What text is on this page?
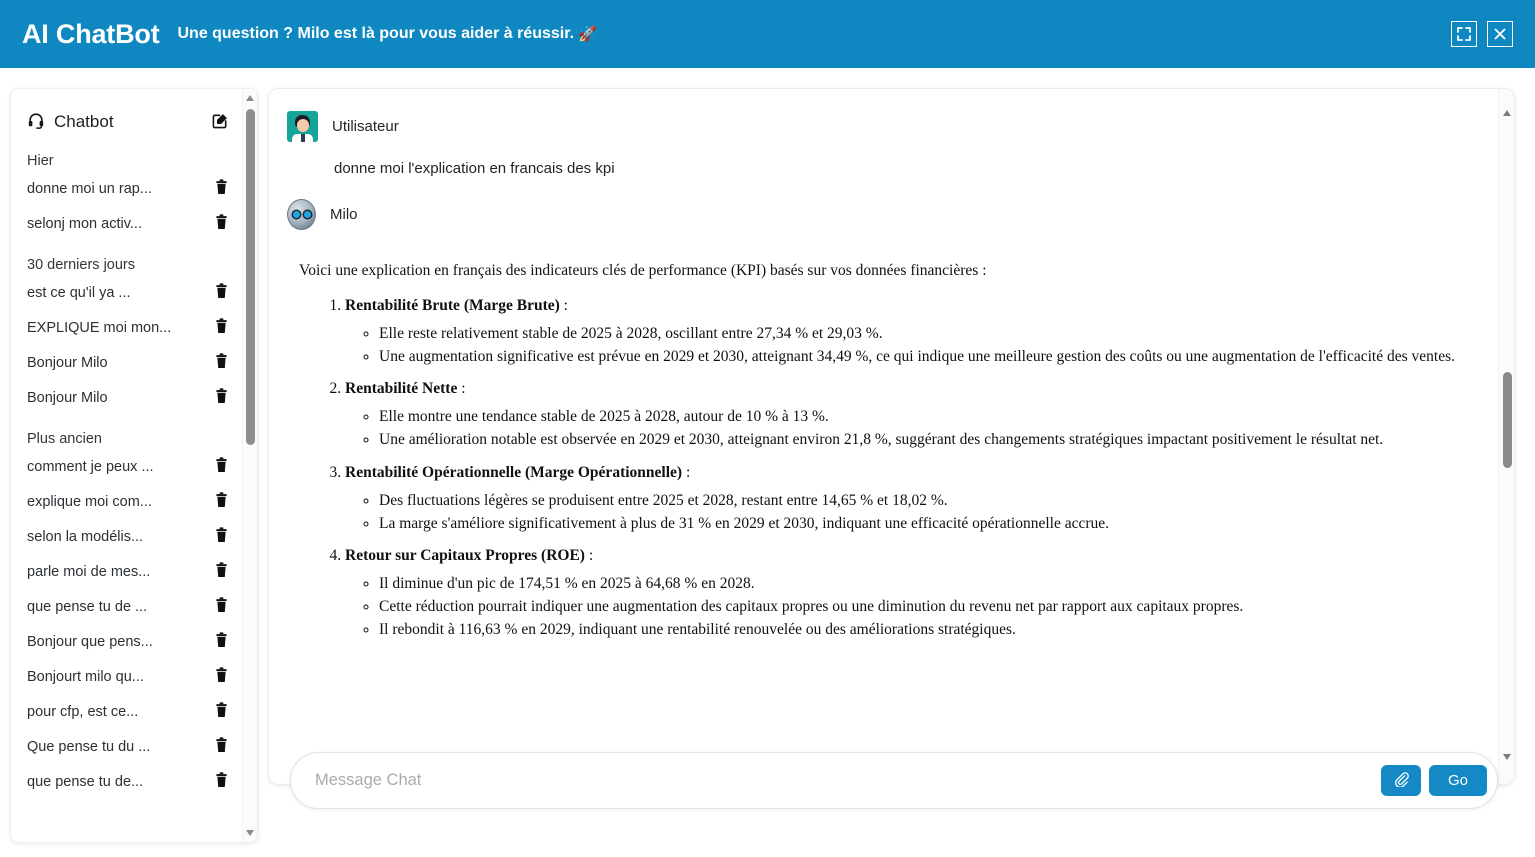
AI ChatBot Une question ? Milo est là pour vous aider à réussir. 🚀
Chatbot
Hier
donne moi un rap...
selonj mon activ...
30 derniers jours
est ce qu'il ya ...
EXPLIQUE moi mon...
Bonjour Milo
Bonjour Milo
Plus ancien
comment je peux ...
explique moi com...
selon la modélis...
parle moi de mes...
que pense tu de ...
Bonjour que pens...
Bonjourt milo qu...
pour cfp, est ce...
Que pense tu du ...
que pense tu de...
Utilisateur
donne moi l'explication en francais des kpi
Milo
Voici une explication en français des indicateurs clés de performance (KPI) basés sur vos données financières :
1. Rentabilité Brute (Marge Brute) :
◦ Elle reste relativement stable de 2025 à 2028, oscillant entre 27,34 % et 29,03 %.
◦ Une augmentation significative est prévue en 2029 et 2030, atteignant 34,49 %, ce qui indique une meilleure gestion des coûts ou une augmentation de l'efficacité des ventes.
2. Rentabilité Nette :
◦ Elle montre une tendance stable de 2025 à 2028, autour de 10 % à 13 %.
◦ Une amélioration notable est observée en 2029 et 2030, atteignant environ 21,8 %, suggérant des changements stratégiques impactant positivement le résultat net.
3. Rentabilité Opérationnelle (Marge Opérationnelle) :
◦ Des fluctuations légères se produisent entre 2025 et 2028, restant entre 14,65 % et 18,02 %.
◦ La marge s'améliore significativement à plus de 31 % en 2029 et 2030, indiquant une efficacité opérationnelle accrue.
4. Retour sur Capitaux Propres (ROE) :
◦ Il diminue d'un pic de 174,51 % en 2025 à 64,68 % en 2028.
◦ Cette réduction pourrait indiquer une augmentation des capitaux propres ou une diminution du revenu net par rapport aux capitaux propres.
◦ Il rebondit à 116,63 % en 2029, indiquant une rentabilité renouvelée ou des améliorations stratégiques.
Message Chat
Go
